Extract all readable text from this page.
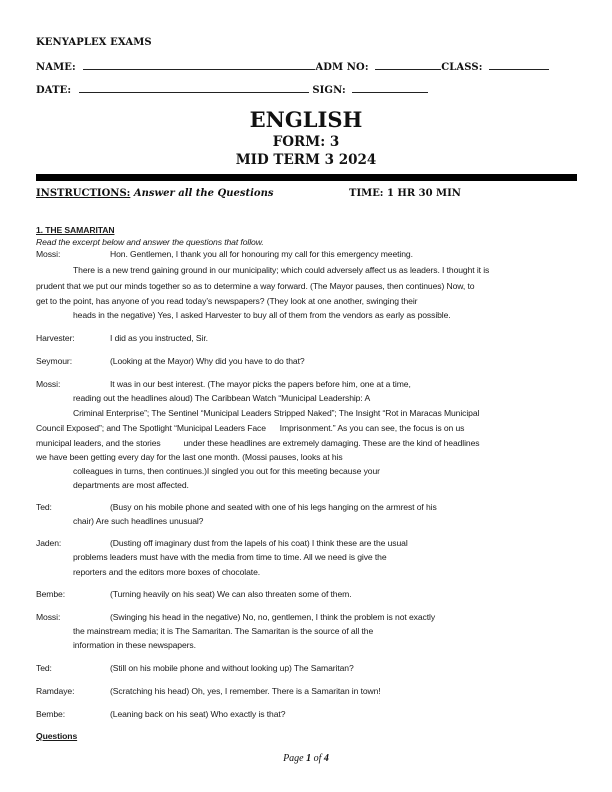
KENYAPLEX EXAMS
NAME:	ADM NO:	CLASS:
DATE:	SIGN:
ENGLISH
FORM: 3
MID TERM 3 2024
INSTRUCTIONS: Answer all the Questions	TIME: 1 HR 30 MIN
1. THE SAMARITAN
Read the excerpt below and answer the questions that follow.
Mossi:	Hon. Gentlemen, I thank you all for honouring my call for this emergency meeting.
There is a new trend gaining ground in our municipality; which could adversely affect us as leaders. I thought it is
prudent that we put our minds together so as to determine a way forward. (The Mayor pauses, then continues) Now, to
get to the point, has anyone of you read today’s newspapers? (They look at one another, swinging their
heads in the negative) Yes, I asked Harvester to buy all of them from the vendors as early as possible.
Harvester:	I did as you instructed, Sir.
Seymour:	(Looking at the Mayor) Why did you have to do that?
Mossi:	It was in our best interest. (The mayor picks the papers before him, one at a time,
reading out the headlines aloud) The Caribbean Watch “Municipal Leadership: A
Criminal Enterprise”; The Sentinel “Municipal Leaders Stripped Naked”; The Insight “Rot in Maracas Municipal
Council Exposed”; and The Spotlight “Municipal Leaders Face      Imprisonment.” As you can see, the focus is on us
municipal leaders, and the stories          under these headlines are extremely damaging. These are the kind of headlines
we have been getting every day for the last one month. (Mossi pauses, looks at his
colleagues in turns, then continues.)I singled you out for this meeting because your
departments are most affected.
Ted:	(Busy on his mobile phone and seated with one of his legs hanging on the armrest of his
chair) Are such headlines unusual?
Jaden:	(Dusting off imaginary dust from the lapels of his coat) I think these are the usual
problems leaders must have with the media from time to time. All we need is give the
reporters and the editors more boxes of chocolate.
Bembe:	(Turning heavily on his seat) We can also threaten some of them.
Mossi:	(Swinging his head in the negative) No, no, gentlemen, I think the problem is not exactly
the mainstream media; it is The Samaritan. The Samaritan is the source of all the
information in these newspapers.
Ted:	(Still on his mobile phone and without looking up) The Samaritan?
Ramdaye:	(Scratching his head) Oh, yes, I remember. There is a Samaritan in town!
Bembe:	(Leaning back on his seat) Who exactly is that?
Questions
Page 1 of 4
